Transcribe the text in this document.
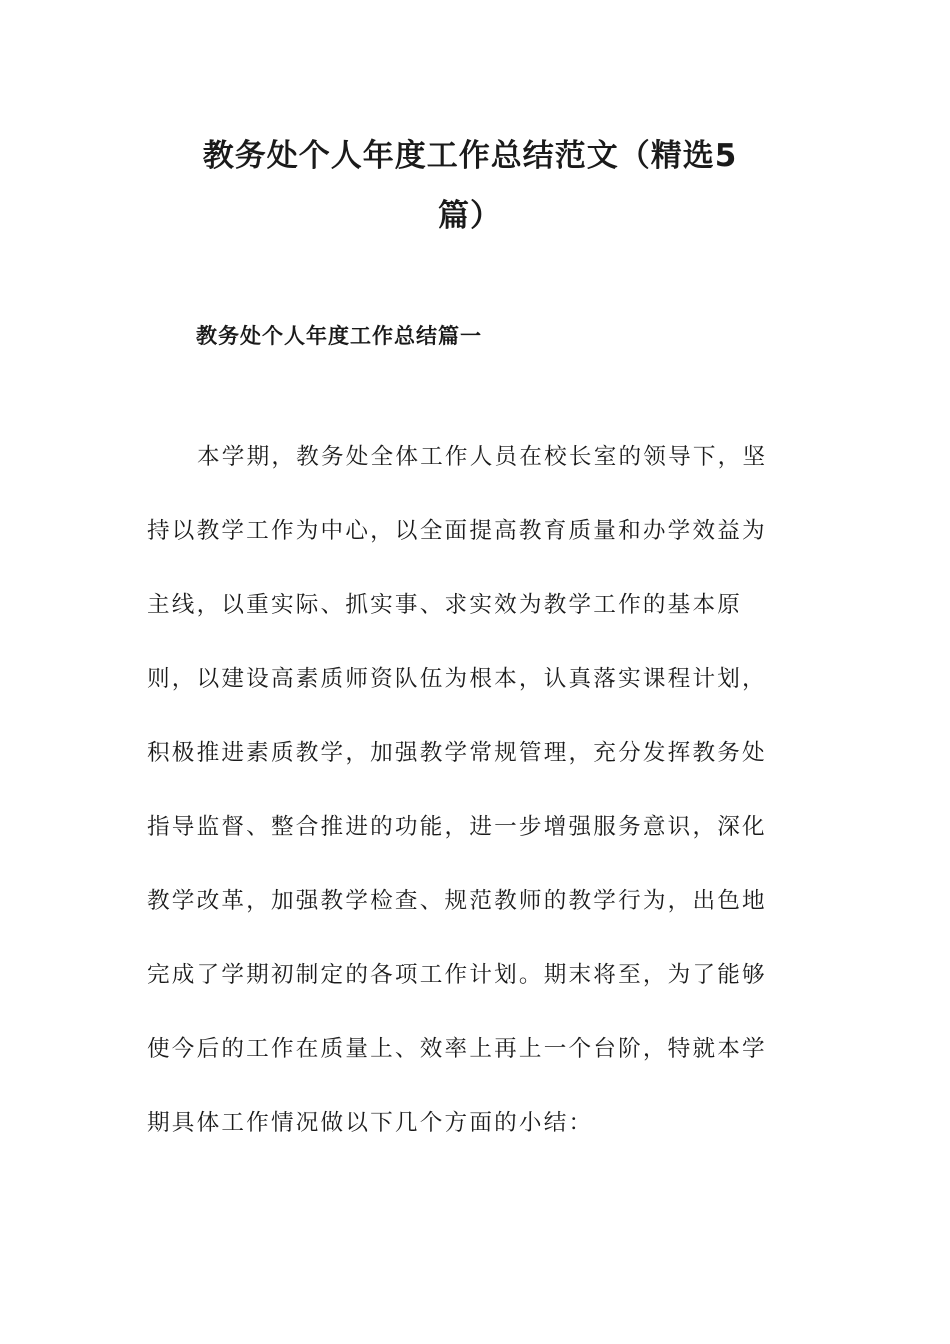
教务处个人年度工作总结范文（精选5
篇）
教务处个人年度工作总结篇一
本学期，教务处全体工作人员在校长室的领导下，坚
持以教学工作为中心，以全面提高教育质量和办学效益为
主线，以重实际、抓实事、求实效为教学工作的基本原
则，以建设高素质师资队伍为根本，认真落实课程计划，
积极推进素质教学，加强教学常规管理，充分发挥教务处
指导监督、整合推进的功能，进一步增强服务意识，深化
教学改革，加强教学检查、规范教师的教学行为，出色地
完成了学期初制定的各项工作计划。期末将至，为了能够
使今后的工作在质量上、效率上再上一个台阶，特就本学
期具体工作情况做以下几个方面的小结：
